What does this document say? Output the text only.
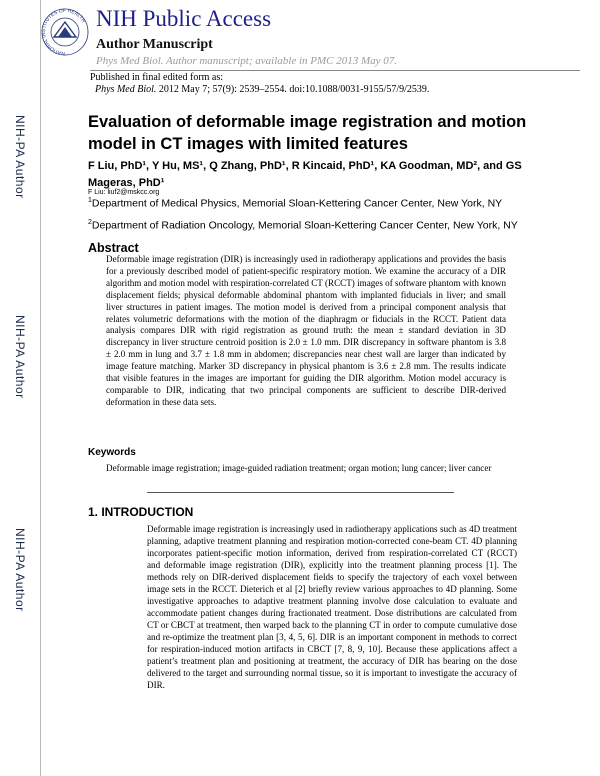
NIH-PA Author
NIH-PA Author
NIH-PA Author
NATIONAL INSTITUTES OF HEALTH NIH Public Access
Author Manuscript
Phys Med Biol. Author manuscript; available in PMC 2013 May 07.
Published in final edited form as:
Phys Med Biol. 2012 May 7; 57(9): 2539–2554. doi:10.1088/0031-9155/57/9/2539.
Evaluation of deformable image registration and motion model in CT images with limited features
F Liu, PhD¹, Y Hu, MS¹, Q Zhang, PhD¹, R Kincaid, PhD¹, KA Goodman, MD², and GS Mageras, PhD¹
F Liu: liuf2@mskcc.org
$^1$Department of Medical Physics, Memorial Sloan-Kettering Cancer Center, New York, NY
$^2$Department of Radiation Oncology, Memorial Sloan-Kettering Cancer Center, New York, NY
Abstract
Deformable image registration (DIR) is increasingly used in radiotherapy applications and provides the basis for a previously described model of patient-specific respiratory motion. We examine the accuracy of a DIR algorithm and motion model with respiration-correlated CT (RCCT) images of software phantom with known displacement fields; physical deformable abdominal phantom with implanted fiducials in liver; and small liver structures in patient images. The motion model is derived from a principal component analysis that relates volumetric deformations with the motion of the diaphragm or fiducials in the RCCT. Patient data analysis compares DIR with rigid registration as ground truth: the mean ± standard deviation in 3D discrepancy in liver structure centroid position is 2.0 ± 1.0 mm. DIR discrepancy in software phantom is 3.8 ± 2.0 mm in lung and 3.7 ± 1.8 mm in abdomen; discrepancies near chest wall are larger than indicated by image feature matching. Marker 3D discrepancy in physical phantom is 3.6 ± 2.8 mm. The results indicate that visible features in the images are important for guiding the DIR algorithm. Motion model accuracy is comparable to DIR, indicating that two principal components are sufficient to describe DIR-derived deformation in these data sets.
Keywords
Deformable image registration; image-guided radiation treatment; organ motion; lung cancer; liver cancer
1. INTRODUCTION
Deformable image registration is increasingly used in radiotherapy applications such as 4D treatment planning, adaptive treatment planning and respiration motion-corrected cone-beam CT. 4D planning incorporates patient-specific motion information, derived from respiration-correlated CT (RCCT) and deformable image registration (DIR), explicitly into the treatment planning process [1]. The methods rely on DIR-derived displacement fields to specify the trajectory of each voxel between image sets in the RCCT. Dieterich et al [2] briefly review various approaches to 4D planning. Some investigative approaches to adaptive treatment planning involve dose calculation to evaluate and accommodate patient changes during fractionated treatment. Dose distributions are calculated from CT or CBCT at treatment, then warped back to the planning CT in order to compute cumulative dose and re-optimize the treatment plan [3, 4, 5, 6]. DIR is an important component in methods to correct for respiration-induced motion artifacts in CBCT [7, 8, 9, 10]. Because these applications affect a patient’s treatment plan and positioning at treatment, the accuracy of DIR has bearing on the dose delivered to the target and surrounding normal tissue, so it is important to investigate the accuracy of DIR.
